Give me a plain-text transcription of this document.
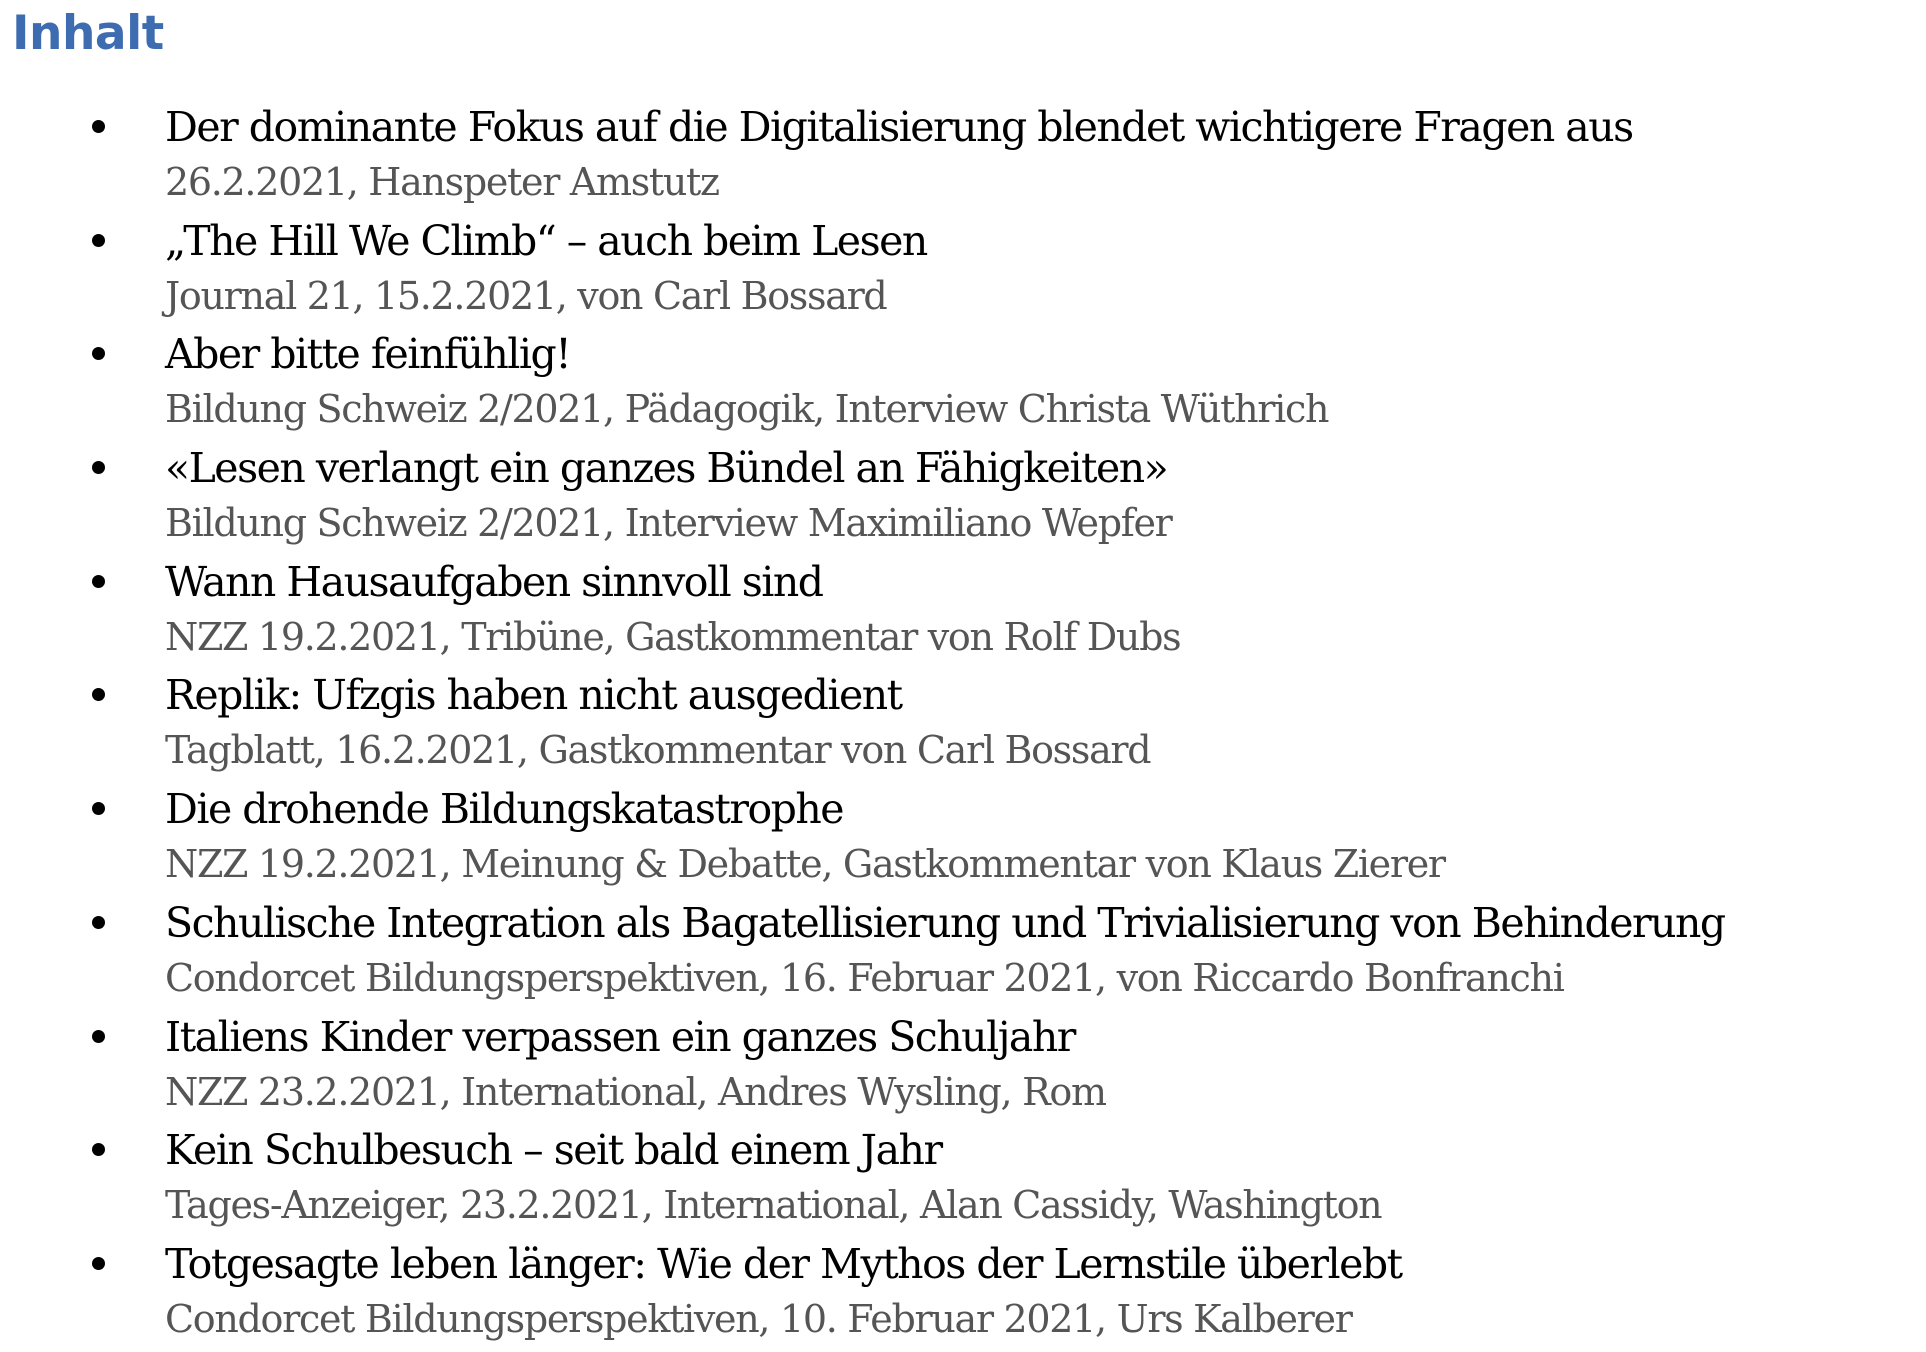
Inhalt
Der dominante Fokus auf die Digitalisierung blendet wichtigere Fragen aus
26.2.2021, Hanspeter Amstutz
„The Hill We Climb“ – auch beim Lesen
Journal 21, 15.2.2021, von Carl Bossard
Aber bitte feinfühlig!
Bildung Schweiz 2/2021, Pädagogik, Interview Christa Wüthrich
«Lesen verlangt ein ganzes Bündel an Fähigkeiten»
Bildung Schweiz 2/2021, Interview Maximiliano Wepfer
Wann Hausaufgaben sinnvoll sind
NZZ 19.2.2021, Tribüne, Gastkommentar von Rolf Dubs
Replik: Ufzgis haben nicht ausgedient
Tagblatt, 16.2.2021, Gastkommentar von Carl Bossard
Die drohende Bildungskatastrophe
NZZ 19.2.2021, Meinung & Debatte, Gastkommentar von Klaus Zierer
Schulische Integration als Bagatellisierung und Trivialisierung von Behinderung
Condorcet Bildungsperspektiven, 16. Februar 2021, von Riccardo Bonfranchi
Italiens Kinder verpassen ein ganzes Schuljahr
NZZ 23.2.2021, International, Andres Wysling, Rom
Kein Schulbesuch – seit bald einem Jahr
Tages-Anzeiger, 23.2.2021, International, Alan Cassidy, Washington
Totgesagte leben länger: Wie der Mythos der Lernstile überlebt
Condorcet Bildungsperspektiven, 10. Februar 2021, Urs Kalberer
